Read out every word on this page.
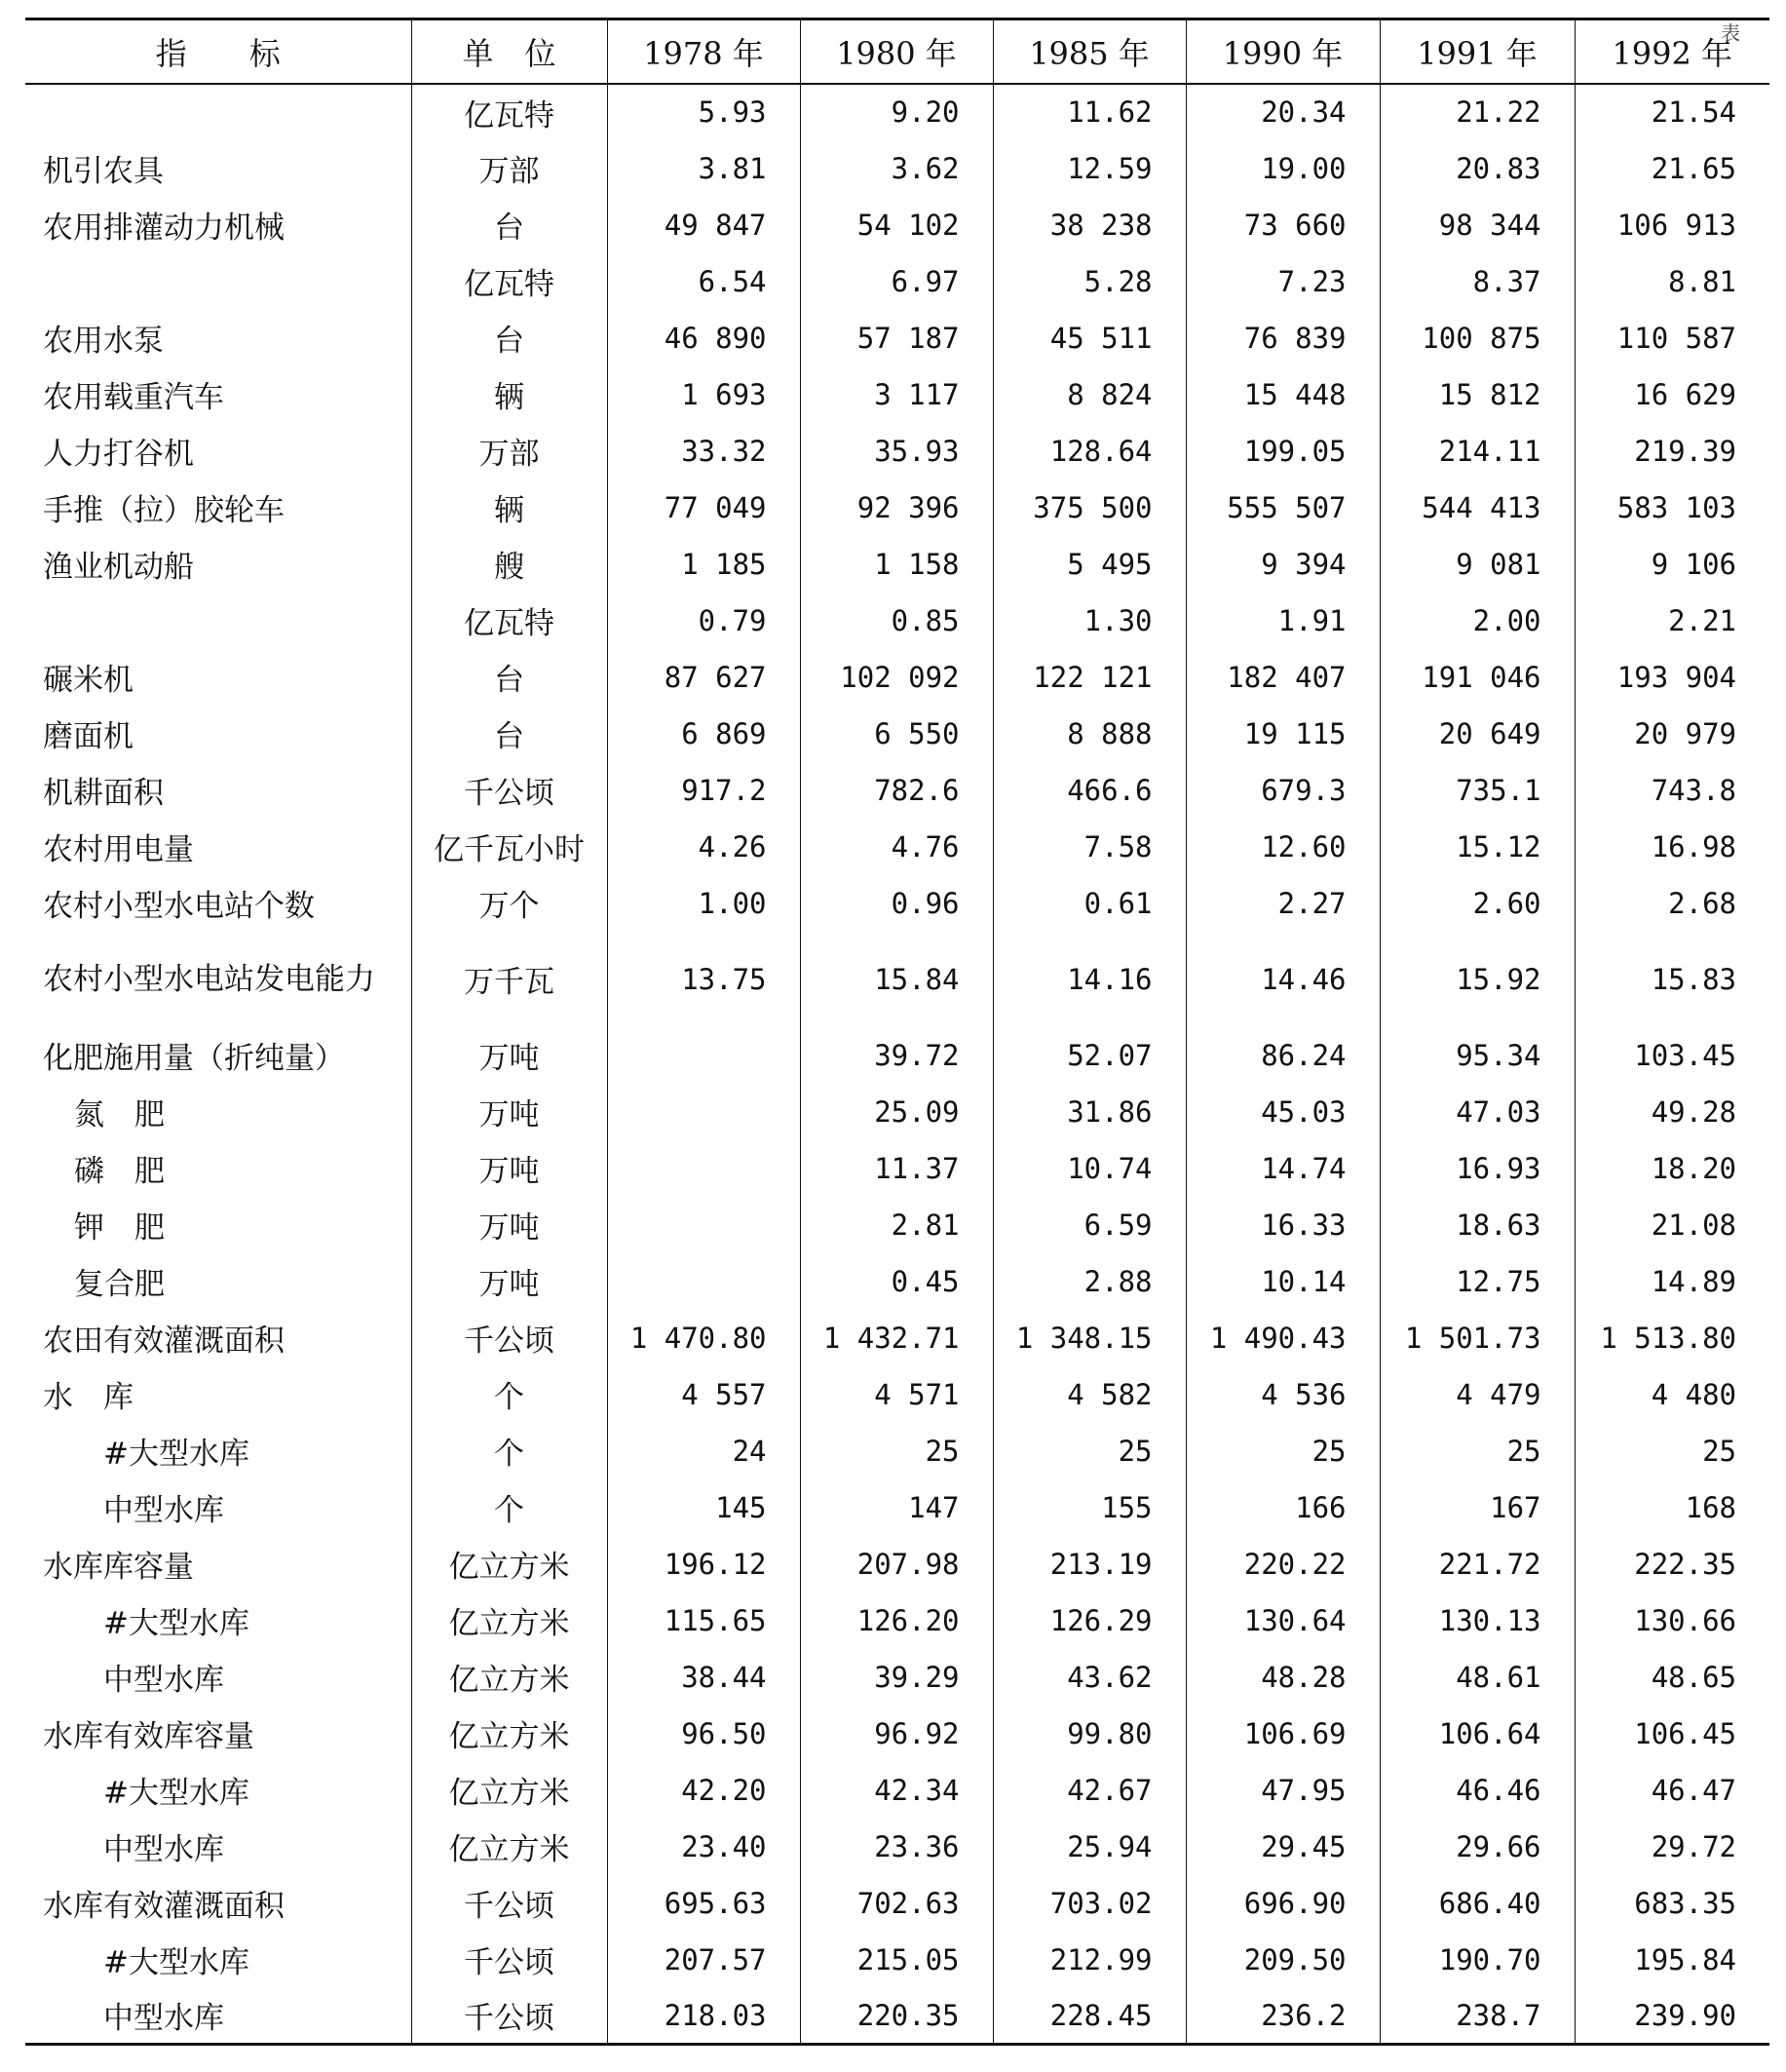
表
指　　标	单　位	1978 年	1980 年	1985 年	1990 年	1991 年	1992 年
	亿瓦特	5.93	9.20	11.62	20.34	21.22	21.54
机引农具	万部	3.81	3.62	12.59	19.00	20.83	21.65
农用排灌动力机械	台	49 847	54 102	38 238	73 660	98 344	106 913
	亿瓦特	6.54	6.97	5.28	7.23	8.37	8.81
农用水泵	台	46 890	57 187	45 511	76 839	100 875	110 587
农用载重汽车	辆	1 693	3 117	8 824	15 448	15 812	16 629
人力打谷机	万部	33.32	35.93	128.64	199.05	214.11	219.39
手推（拉）胶轮车	辆	77 049	92 396	375 500	555 507	544 413	583 103
渔业机动船	艘	1 185	1 158	5 495	9 394	9 081	9 106
	亿瓦特	0.79	0.85	1.30	1.91	2.00	2.21
碾米机	台	87 627	102 092	122 121	182 407	191 046	193 904
磨面机	台	6 869	6 550	8 888	19 115	20 649	20 979
机耕面积	千公顷	917.2	782.6	466.6	679.3	735.1	743.8
农村用电量	亿千瓦小时	4.26	4.76	7.58	12.60	15.12	16.98
农村小型水电站个数	万个	1.00	0.96	0.61	2.27	2.60	2.68
农村小型水电站发电能力	万千瓦	13.75	15.84	14.16	14.46	15.92	15.83
化肥施用量（折纯量）	万吨		39.72	52.07	86.24	95.34	103.45
氮　肥	万吨		25.09	31.86	45.03	47.03	49.28
磷　肥	万吨		11.37	10.74	14.74	16.93	18.20
钾　肥	万吨		2.81	6.59	16.33	18.63	21.08
复合肥	万吨		0.45	2.88	10.14	12.75	14.89
农田有效灌溉面积	千公顷	1 470.80	1 432.71	1 348.15	1 490.43	1 501.73	1 513.80
水　库	个	4 557	4 571	4 582	4 536	4 479	4 480
#大型水库	个	24	25	25	25	25	25
中型水库	个	145	147	155	166	167	168
水库库容量	亿立方米	196.12	207.98	213.19	220.22	221.72	222.35
#大型水库	亿立方米	115.65	126.20	126.29	130.64	130.13	130.66
中型水库	亿立方米	38.44	39.29	43.62	48.28	48.61	48.65
水库有效库容量	亿立方米	96.50	96.92	99.80	106.69	106.64	106.45
#大型水库	亿立方米	42.20	42.34	42.67	47.95	46.46	46.47
中型水库	亿立方米	23.40	23.36	25.94	29.45	29.66	29.72
水库有效灌溉面积	千公顷	695.63	702.63	703.02	696.90	686.40	683.35
#大型水库	千公顷	207.57	215.05	212.99	209.50	190.70	195.84
中型水库	千公顷	218.03	220.35	228.45	236.2	238.7	239.90
